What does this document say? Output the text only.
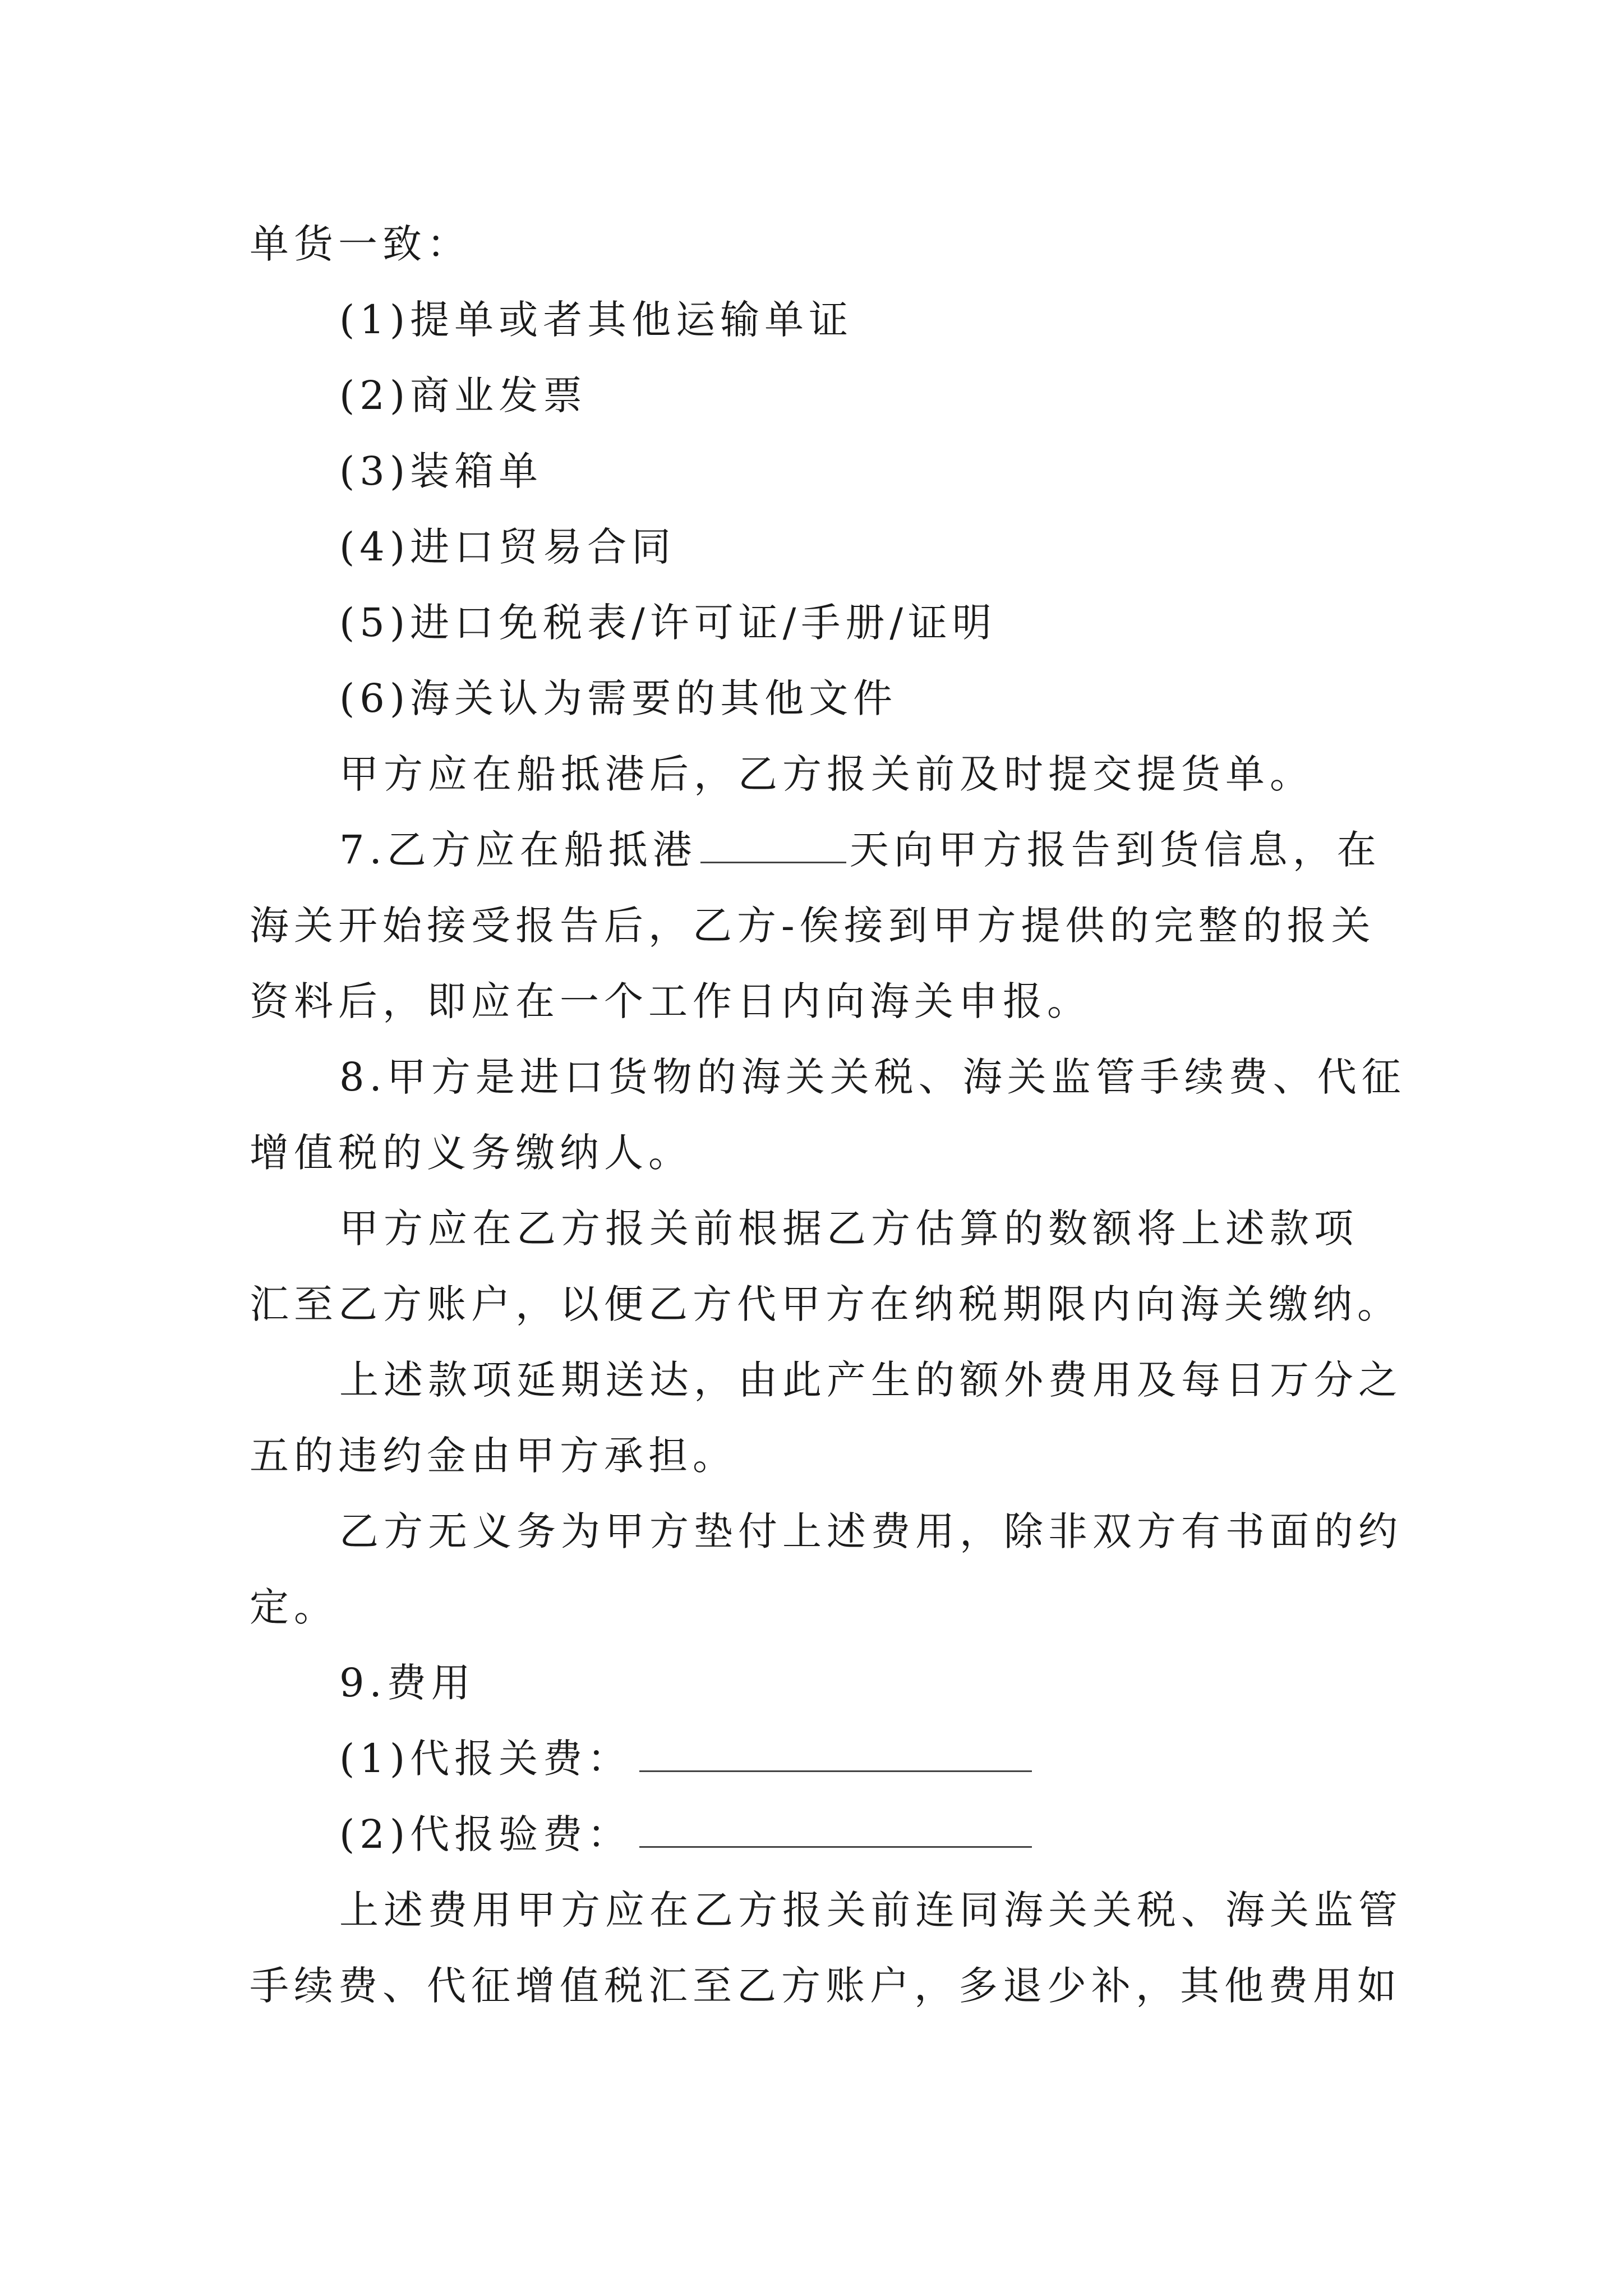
单货一致：
(1)提单或者其他运输单证
(2)商业发票
(3)装箱单
(4)进口贸易合同
(5)进口免税表/许可证/手册/证明
(6)海关认为需要的其他文件
甲方应在船抵港后，乙方报关前及时提交提货单。
7.乙方应在船抵港	天向甲方报告到货信息，在
海关开始接受报告后，乙方-俟接到甲方提供的完整的报关
资料后，即应在一个工作日内向海关申报。
8.甲方是进口货物的海关关税、海关监管手续费、代征
增值税的义务缴纳人。
甲方应在乙方报关前根据乙方估算的数额将上述款项
汇至乙方账户，以便乙方代甲方在纳税期限内向海关缴纳。
上述款项延期送达，由此产生的额外费用及每日万分之
五的违约金由甲方承担。
乙方无义务为甲方垫付上述费用，除非双方有书面的约
定。
9.费用
(1)代报关费：
(2)代报验费：
上述费用甲方应在乙方报关前连同海关关税、海关监管
手续费、代征增值税汇至乙方账户，多退少补，其他费用如
